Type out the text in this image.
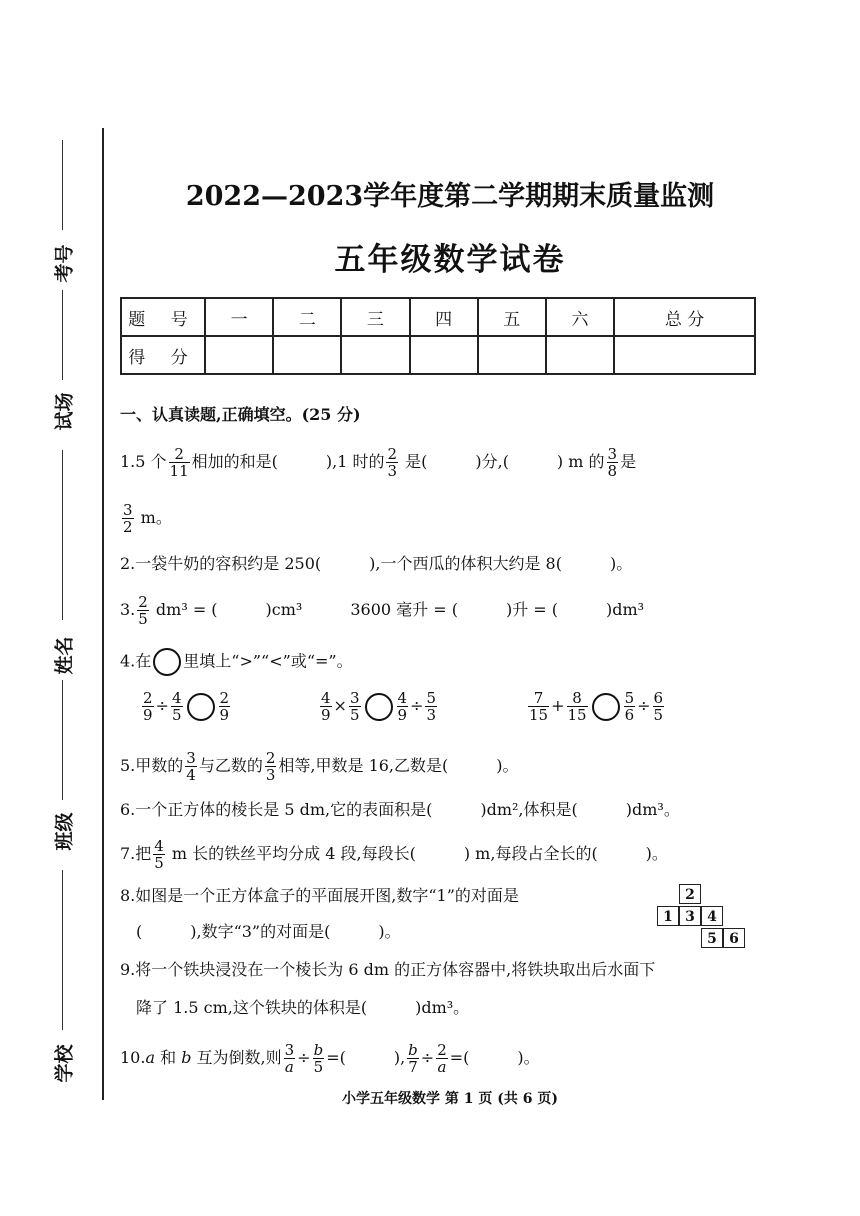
考号
试场
姓名
班级
学校
2022—2023学年度第二学期期末质量监测
五年级数学试卷
题 号	一	二	三	四	五	六	总 分
得 分							
一、认真读题,正确填空。(25 分)
1.5 个 $\frac{2}{11}$ 相加的和是(　　　),1 时的 $\frac{2}{3}$ 是(　　　)分,(　　　) m 的 $\frac{3}{8}$ 是
$\frac{3}{2}$ m。
2.一袋牛奶的容积约是 250(　　　),一个西瓜的体积大约是 8(　　　)。
3. $\frac{2}{5} dm^3$ = (　　　)cm³　　　3600 毫升 = (　　　)升 = (　　　)dm³
4.在 里填上“>”“<”或“=”。
$\frac{2}{9} \div \frac{4}{5} \frac{2}{9}$	$\frac{4}{9} \times \frac{3}{5} \frac{4}{9} \div \frac{5}{3}$	$\frac{7}{15} + \frac{8}{15} \frac{5}{6} \div \frac{6}{5}$
5.甲数的 $\frac{3}{4}$ 与乙数的 $\frac{2}{3}$ 相等,甲数是 16,乙数是(　　　)。
6.一个正方体的棱长是 5 dm,它的表面积是(　　　)dm²,体积是(　　　)dm³。
7.把 $\frac{4}{5}$ m 长的铁丝平均分成 4 段,每段长(　　　) m,每段占全长的(　　　)。
8.如图是一个正方体盒子的平面展开图,数字“1”的对面是
(　　　),数字“3”的对面是(　　　)。
2
1 3 4
5 6
9.将一个铁块浸没在一个棱长为 6 dm 的正方体容器中,将铁块取出后水面下
降了 1.5 cm,这个铁块的体积是(　　　)dm³。
10.a 和 b 互为倒数,则 $\frac{3}{a} \div \frac{b}{5}$ =(　　　), $\frac{b}{7} \div \frac{2}{a}$ =(　　　)。
小学五年级数学 第 1 页 (共 6 页)
